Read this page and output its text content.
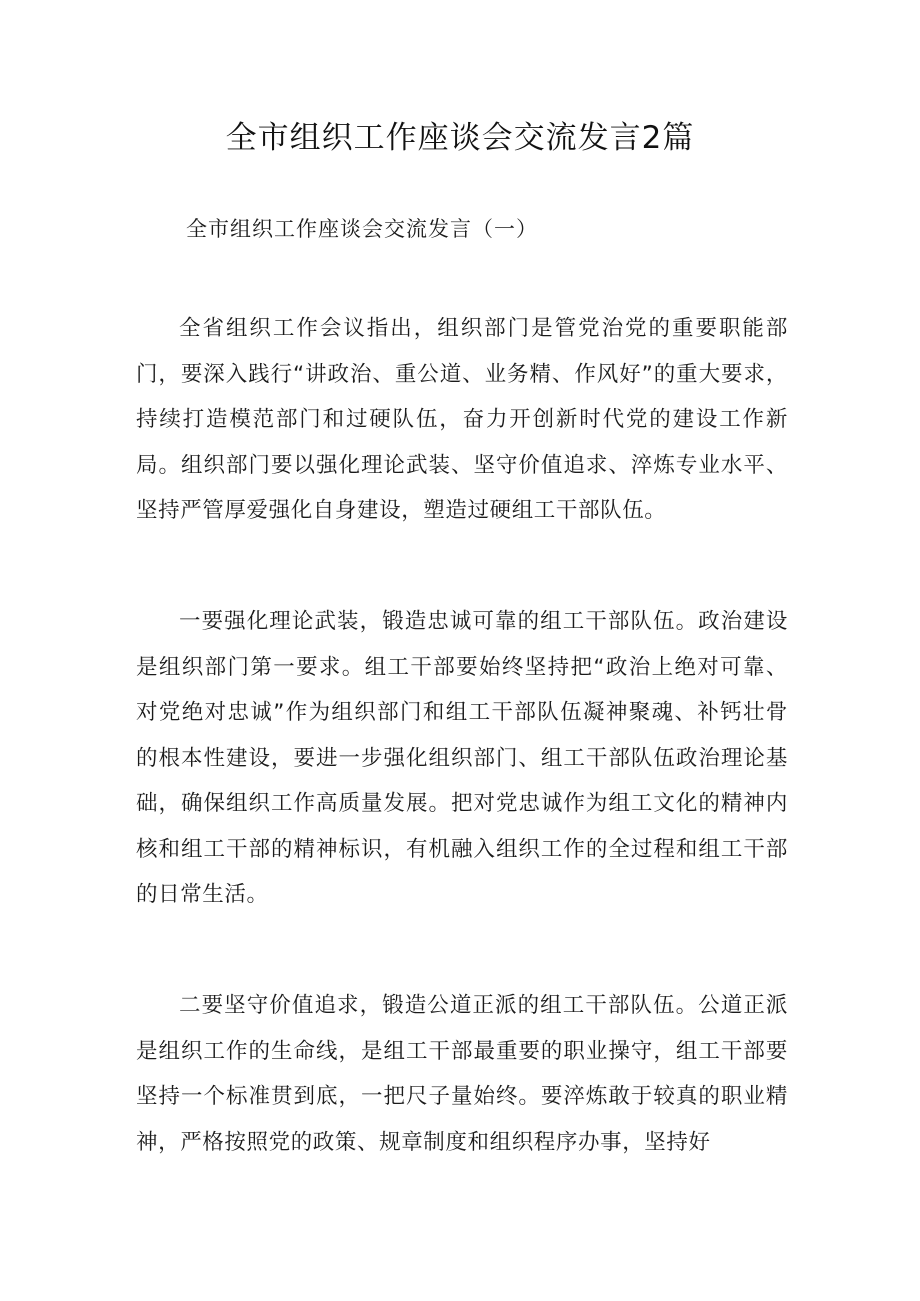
全市组织工作座谈会交流发言2篇
全市组织工作座谈会交流发言（一）

全省组织工作会议指出，组织部门是管党治党的重要职能部门，要深入践行“讲政治、重公道、业务精、作风好”的重大要求，持续打造模范部门和过硬队伍，奋力开创新时代党的建设工作新局。组织部门要以强化理论武装、坚守价值追求、淬炼专业水平、坚持严管厚爱强化自身建设，塑造过硬组工干部队伍。

一要强化理论武装，锻造忠诚可靠的组工干部队伍。政治建设是组织部门第一要求。组工干部要始终坚持把“政治上绝对可靠、对党绝对忠诚”作为组织部门和组工干部队伍凝神聚魂、补钙壮骨的根本性建设，要进一步强化组织部门、组工干部队伍政治理论基础，确保组织工作高质量发展。把对党忠诚作为组工文化的精神内核和组工干部的精神标识，有机融入组织工作的全过程和组工干部的日常生活。

二要坚守价值追求，锻造公道正派的组工干部队伍。公道正派是组织工作的生命线，是组工干部最重要的职业操守，组工干部要坚持一个标准贯到底，一把尺子量始终。要淬炼敢于较真的职业精神，严格按照党的政策、规章制度和组织程序办事，坚持好
